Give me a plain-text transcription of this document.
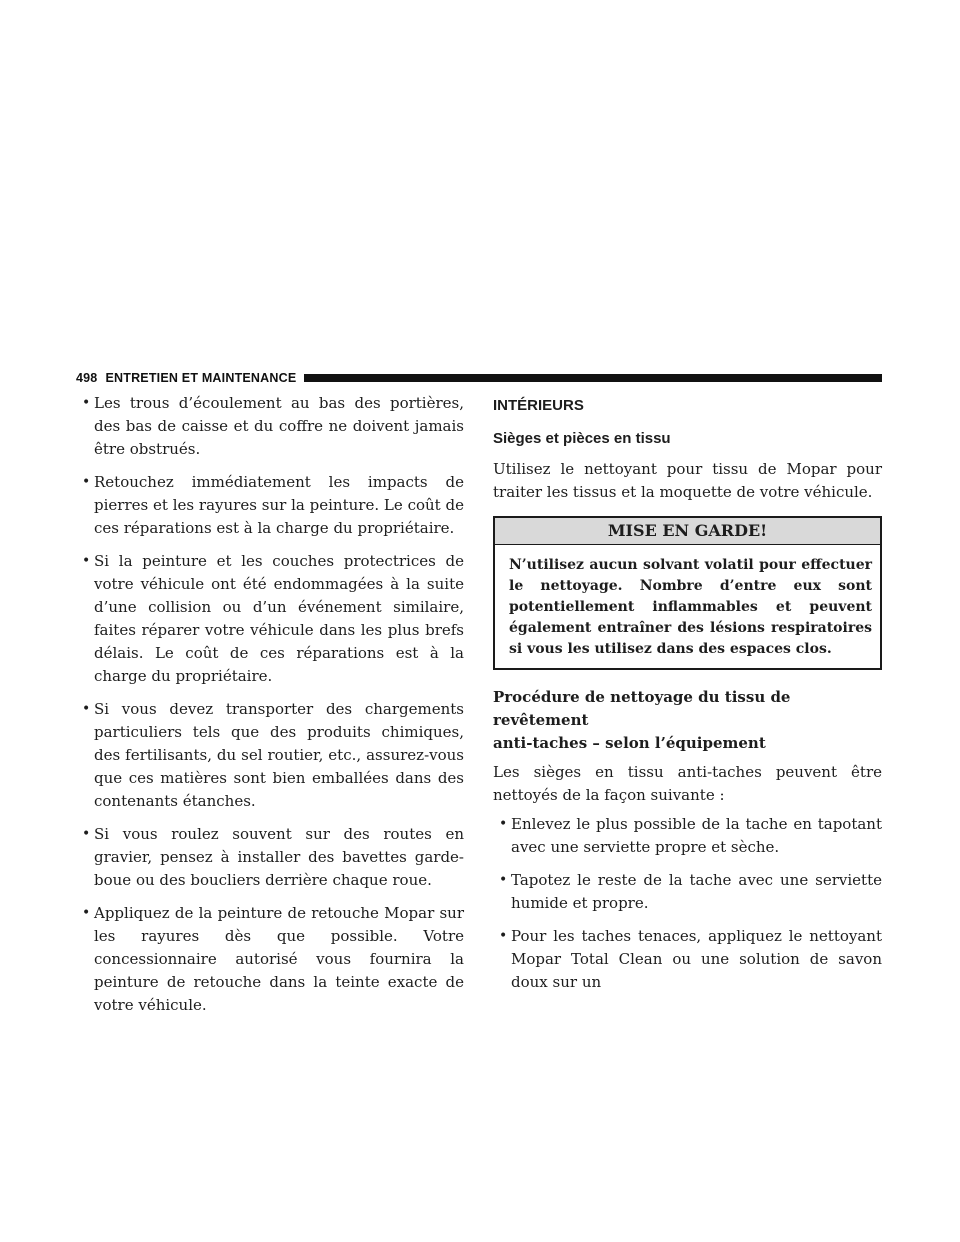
498 ENTRETIEN ET MAINTENANCE
• Les trous d’écoulement au bas des portières, des bas de caisse et du coffre ne doivent jamais être obstrués.
• Retouchez immédiatement les impacts de pierres et les rayures sur la peinture. Le coût de ces réparations est à la charge du propriétaire.
• Si la peinture et les couches protectrices de votre véhicule ont été endommagées à la suite d’une collision ou d’un événement similaire, faites réparer votre véhicule dans les plus brefs délais. Le coût de ces réparations est à la charge du propriétaire.
• Si vous devez transporter des chargements particuliers tels que des produits chimiques, des fertilisants, du sel routier, etc., assurez-vous que ces matières sont bien emballées dans des contenants étanches.
• Si vous roulez souvent sur des routes en gravier, pensez à installer des bavettes garde-boue ou des boucliers derrière chaque roue.
• Appliquez de la peinture de retouche Mopar sur les rayures dès que possible. Votre concessionnaire autorisé vous fournira la peinture de retouche dans la teinte exacte de votre véhicule.
INTÉRIEURS
Sièges et pièces en tissu
Utilisez le nettoyant pour tissu de Mopar pour traiter les tissus et la moquette de votre véhicule.
MISE EN GARDE!
N’utilisez aucun solvant volatil pour effectuer le nettoyage. Nombre d’entre eux sont potentiellement inflammables et peuvent également entraîner des lésions respiratoires si vous les utilisez dans des espaces clos.
Procédure de nettoyage du tissu de revêtement
anti-taches – selon l’équipement
Les sièges en tissu anti-taches peuvent être nettoyés de la façon suivante :
• Enlevez le plus possible de la tache en tapotant avec une serviette propre et sèche.
• Tapotez le reste de la tache avec une serviette humide et propre.
• Pour les taches tenaces, appliquez le nettoyant Mopar Total Clean ou une solution de savon doux sur un
